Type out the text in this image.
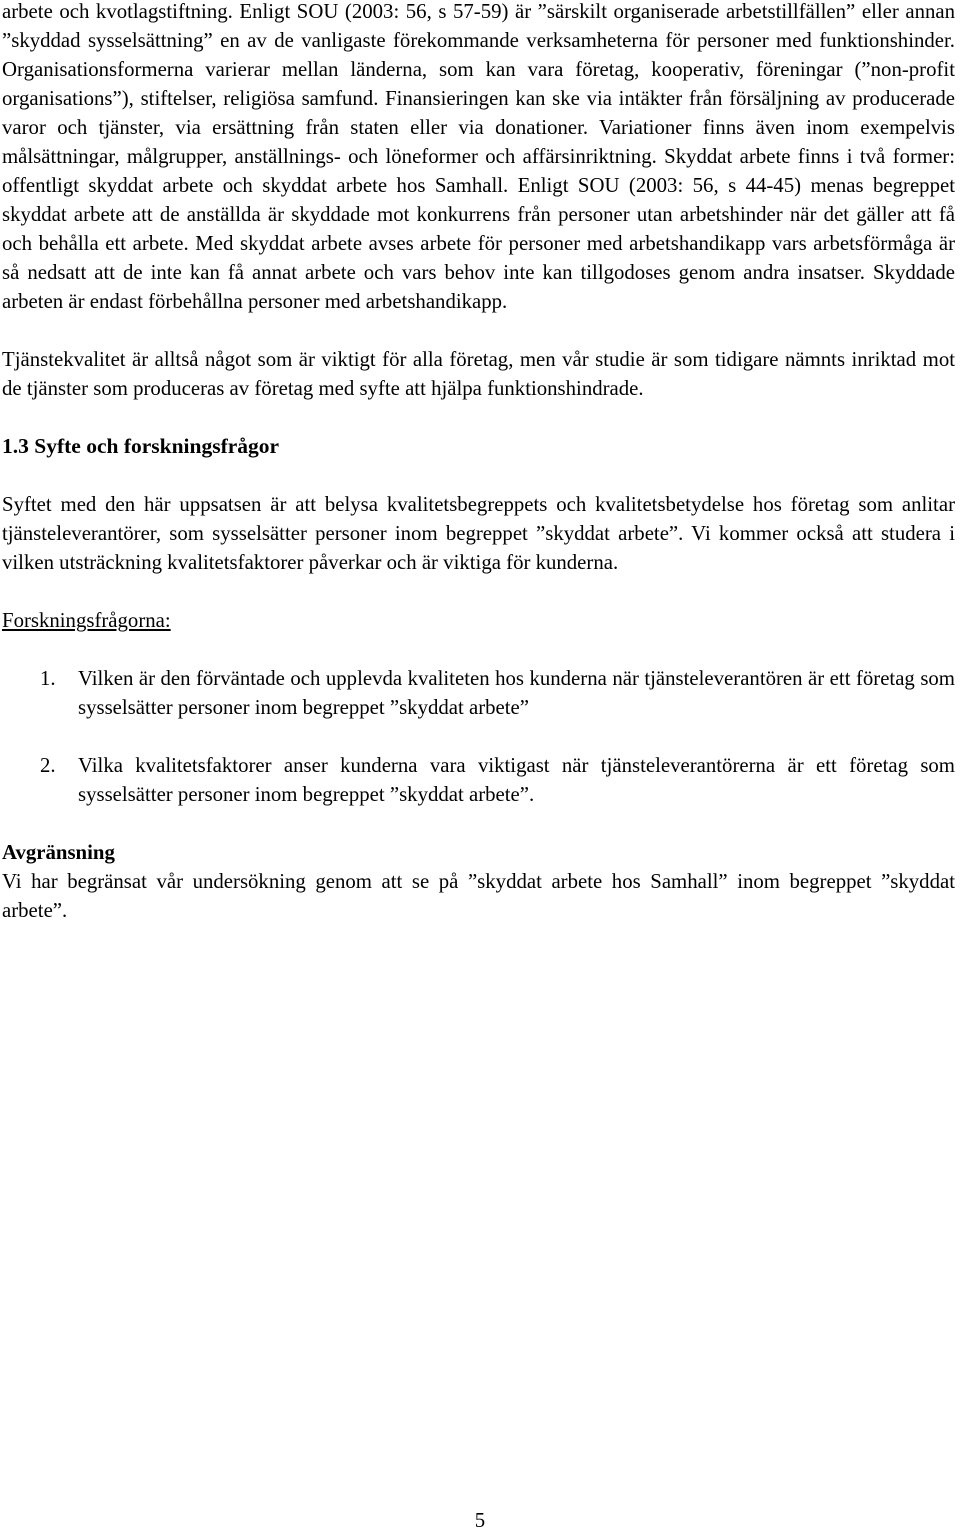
arbete och kvotlagstiftning. Enligt SOU (2003: 56, s 57-59) är ”särskilt organiserade arbetstillfällen” eller annan ”skyddad sysselsättning” en av de vanligaste förekommande verksamheterna för personer med funktionshinder. Organisationsformerna varierar mellan länderna, som kan vara företag, kooperativ, föreningar (”non-profit organisations”), stiftelser, religiösa samfund. Finansieringen kan ske via intäkter från försäljning av producerade varor och tjänster, via ersättning från staten eller via donationer. Variationer finns även inom exempelvis målsättningar, målgrupper, anställnings- och löneformer och affärsinriktning. Skyddat arbete finns i två former: offentligt skyddat arbete och skyddat arbete hos Samhall. Enligt SOU (2003: 56, s 44-45) menas begreppet skyddat arbete att de anställda är skyddade mot konkurrens från personer utan arbetshinder när det gäller att få och behålla ett arbete. Med skyddat arbete avses arbete för personer med arbetshandikapp vars arbetsförmåga är så nedsatt att de inte kan få annat arbete och vars behov inte kan tillgodoses genom andra insatser. Skyddade arbeten är endast förbehållna personer med arbetshandikapp.

Tjänstekvalitet är alltså något som är viktigt för alla företag, men vår studie är som tidigare nämnts inriktad mot de tjänster som produceras av företag med syfte att hjälpa funktionshindrade.

1.3 Syfte och forskningsfrågor

Syftet med den här uppsatsen är att belysa kvalitetsbegreppets och kvalitetsbetydelse hos företag som anlitar tjänsteleverantörer, som sysselsätter personer inom begreppet ”skyddat arbete”. Vi kommer också att studera i vilken utsträckning kvalitetsfaktorer påverkar och är viktiga för kunderna.

Forskningsfrågorna:

1. Vilken är den förväntade och upplevda kvaliteten hos kunderna när tjänsteleverantören är ett företag som sysselsätter personer inom begreppet ”skyddat arbete”
2. Vilka kvalitetsfaktorer anser kunderna vara viktigast när tjänsteleverantörerna är ett företag som sysselsätter personer inom begreppet ”skyddat arbete”.

Avgränsning

Vi har begränsat vår undersökning genom att se på ”skyddat arbete hos Samhall” inom begreppet ”skyddat arbete”.

5
